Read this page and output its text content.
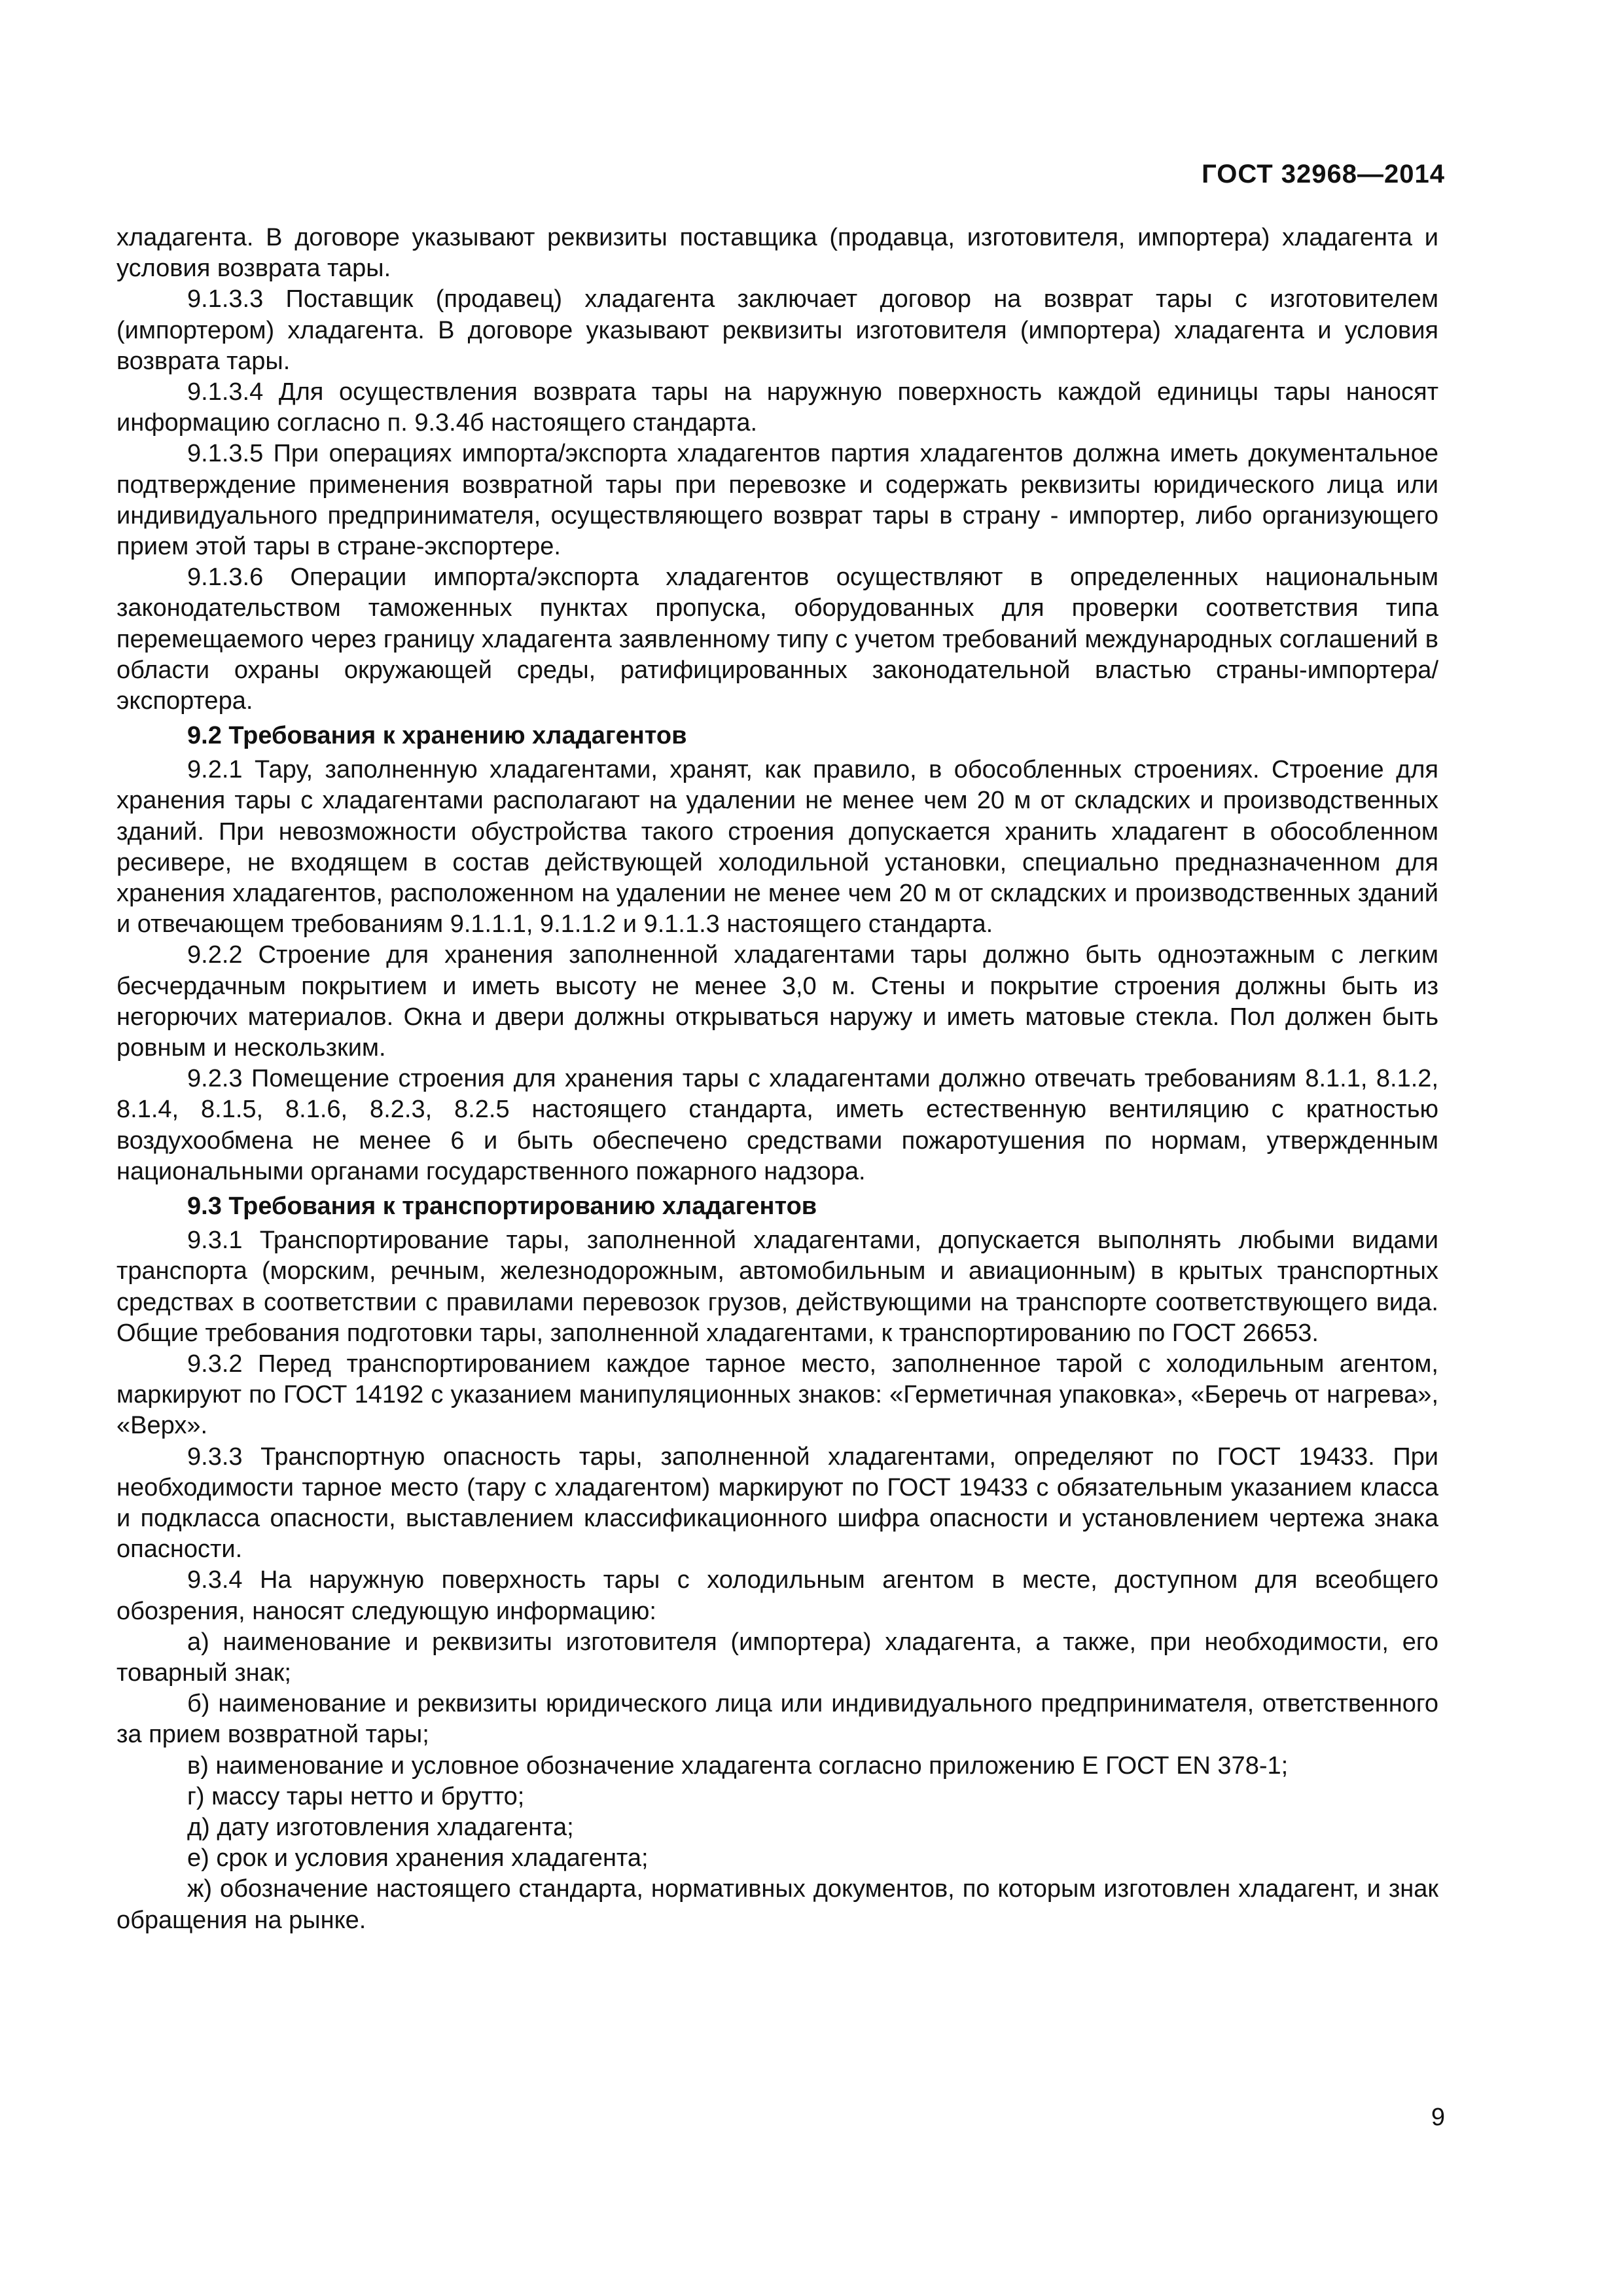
ГОСТ 32968—2014

хладагента. В договоре указывают реквизиты поставщика (продавца, изготовителя, импортера) хладагента и условия возврата тары.

9.1.3.3 Поставщик (продавец) хладагента заключает договор на возврат тары с изготовителем (импортером) хладагента. В договоре указывают реквизиты изготовителя (импортера) хладагента и условия возврата тары.

9.1.3.4 Для осуществления возврата тары на наружную поверхность каждой единицы тары наносят информацию согласно п. 9.3.4б настоящего стандарта.

9.1.3.5 При операциях импорта/экспорта хладагентов партия хладагентов должна иметь документальное подтверждение применения возвратной тары при перевозке и содержать реквизиты юридического лица или индивидуального предпринимателя, осуществляющего возврат тары в страну - импортер, либо организующего прием этой тары в стране-экспортере.

9.1.3.6 Операции импорта/экспорта хладагентов осуществляют в определенных национальным законодательством таможенных пунктах пропуска, оборудованных для проверки соответствия типа перемещаемого через границу хладагента заявленному типу с учетом требований международных соглашений в области охраны окружающей среды, ратифицированных законодательной властью страны-импортера/экспортера.

9.2 Требования к хранению хладагентов

9.2.1 Тару, заполненную хладагентами, хранят, как правило, в обособленных строениях. Строение для хранения тары с хладагентами располагают на удалении не менее чем 20 м от складских и производственных зданий. При невозможности обустройства такого строения допускается хранить хладагент в обособленном ресивере, не входящем в состав действующей холодильной установки, специально предназначенном для хранения хладагентов, расположенном на удалении не менее чем 20 м от складских и производственных зданий и отвечающем требованиям 9.1.1.1, 9.1.1.2 и 9.1.1.3 настоящего стандарта.

9.2.2 Строение для хранения заполненной хладагентами тары должно быть одноэтажным с легким бесчердачным покрытием и иметь высоту не менее 3,0 м. Стены и покрытие строения должны быть из негорючих материалов. Окна и двери должны открываться наружу и иметь матовые стекла. Пол должен быть ровным и нескользким.

9.2.3 Помещение строения для хранения тары с хладагентами должно отвечать требованиям 8.1.1, 8.1.2, 8.1.4, 8.1.5, 8.1.6, 8.2.3, 8.2.5 настоящего стандарта, иметь естественную вентиляцию с кратностью воздухообмена не менее 6 и быть обеспечено средствами пожаротушения по нормам, утвержденным национальными органами государственного пожарного надзора.

9.3 Требования к транспортированию хладагентов

9.3.1 Транспортирование тары, заполненной хладагентами, допускается выполнять любыми видами транспорта (морским, речным, железнодорожным, автомобильным и авиационным) в крытых транспортных средствах в соответствии с правилами перевозок грузов, действующими на транспорте соответствующего вида. Общие требования подготовки тары, заполненной хладагентами, к транспортированию по ГОСТ 26653.

9.3.2 Перед транспортированием каждое тарное место, заполненное тарой с холодильным агентом, маркируют по ГОСТ 14192 с указанием манипуляционных знаков: «Герметичная упаковка», «Беречь от нагрева», «Верх».

9.3.3 Транспортную опасность тары, заполненной хладагентами, определяют по ГОСТ 19433. При необходимости тарное место (тару с хладагентом) маркируют по ГОСТ 19433 с обязательным указанием класса и подкласса опасности, выставлением классификационного шифра опасности и установлением чертежа знака опасности.

9.3.4 На наружную поверхность тары с холодильным агентом в месте, доступном для всеобщего обозрения, наносят следующую информацию:

а) наименование и реквизиты изготовителя (импортера) хладагента, а также, при необходимости, его товарный знак;

б) наименование и реквизиты юридического лица или индивидуального предпринимателя, ответственного за прием возвратной тары;

в) наименование и условное обозначение хладагента согласно приложению Е ГОСТ EN 378-1;

г) массу тары нетто и брутто;

д) дату изготовления хладагента;

е) срок и условия хранения хладагента;

ж) обозначение настоящего стандарта, нормативных документов, по которым изготовлен хладагент, и знак обращения на рынке.

9
